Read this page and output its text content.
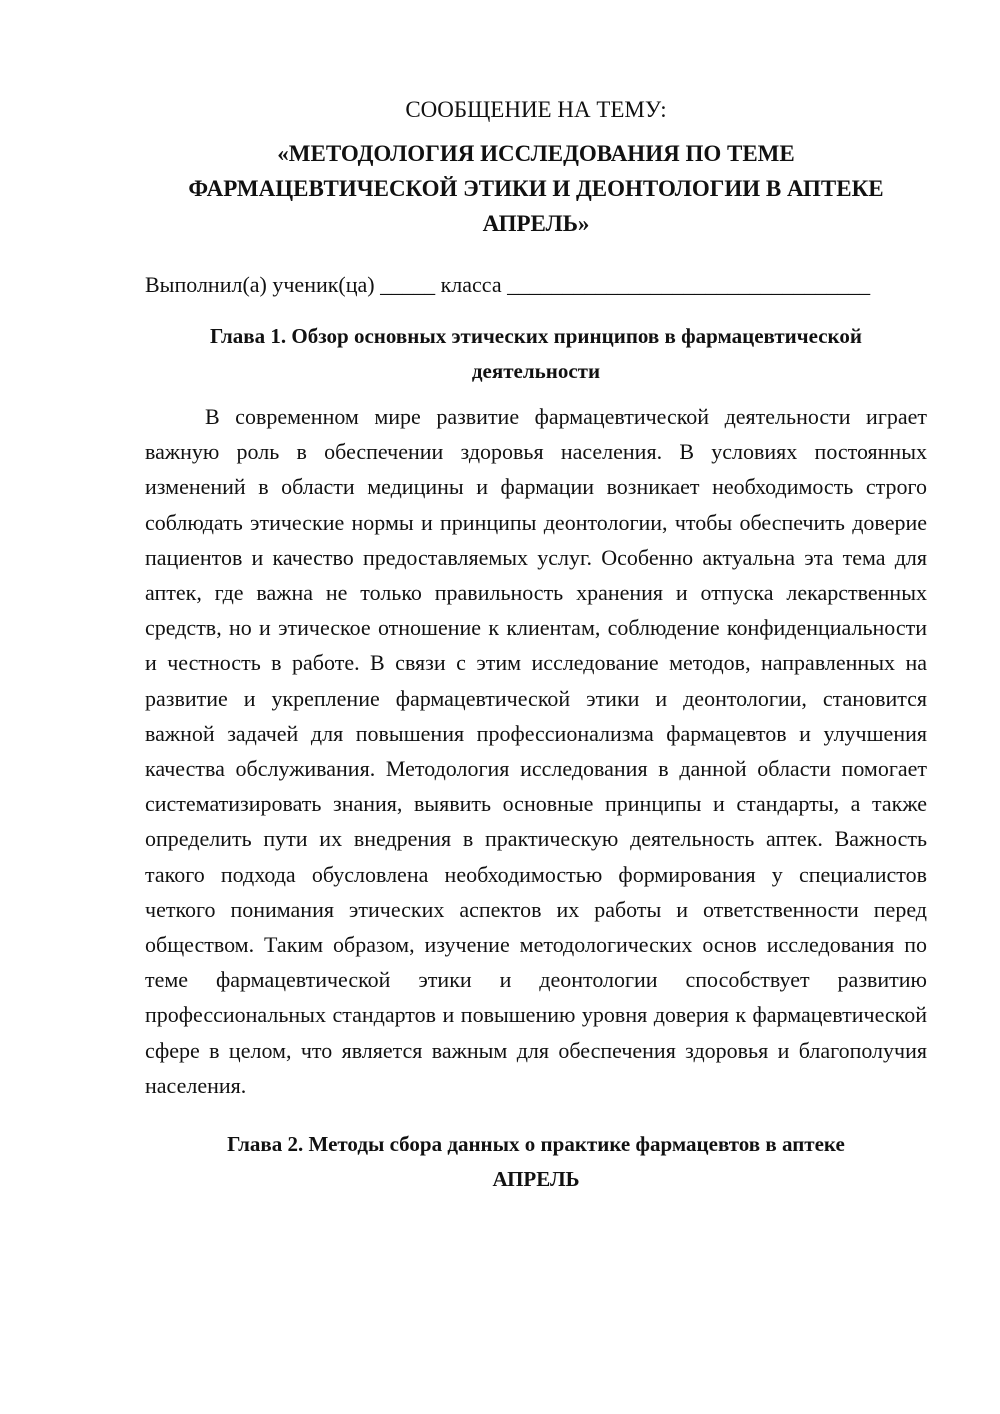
СООБЩЕНИЕ НА ТЕМУ:
«МЕТОДОЛОГИЯ ИССЛЕДОВАНИЯ ПО ТЕМЕ
ФАРМАЦЕВТИЧЕСКОЙ ЭТИКИ И ДЕОНТОЛОГИИ В АПТЕКЕ
АПРЕЛЬ»
Выполнил(а) ученик(ца) _____ класса _________________________________
Глава 1. Обзор основных этических принципов в фармацевтической
деятельности

В современном мире развитие фармацевтической деятельности играет важную роль в обеспечении здоровья населения. В условиях постоянных изменений в области медицины и фармации возникает необходимость строго соблюдать этические нормы и принципы деонтологии, чтобы обеспечить доверие пациентов и качество предоставляемых услуг. Особенно актуальна эта тема для аптек, где важна не только правильность хранения и отпуска лекарственных средств, но и этическое отношение к клиентам, соблюдение конфиденциальности и честность в работе. В связи с этим исследование методов, направленных на развитие и укрепление фармацевтической этики и деонтологии, становится важной задачей для повышения профессионализма фармацевтов и улучшения качества обслуживания. Методология исследования в данной области помогает систематизировать знания, выявить основные принципы и стандарты, а также определить пути их внедрения в практическую деятельность аптек. Важность такого подхода обусловлена необходимостью формирования у специалистов четкого понимания этических аспектов их работы и ответственности перед обществом. Таким образом, изучение методологических основ исследования по теме фармацевтической этики и деонтологии способствует развитию профессиональных стандартов и повышению уровня доверия к фармацевтической сфере в целом, что является важным для обеспечения здоровья и благополучия населения.

Глава 2. Методы сбора данных о практике фармацевтов в аптеке
АПРЕЛЬ
